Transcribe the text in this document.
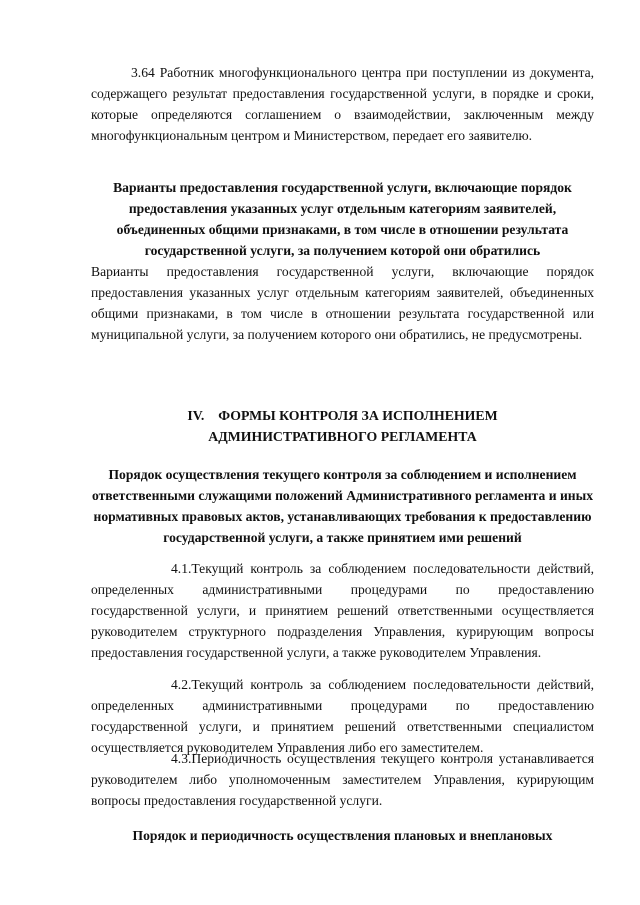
3.64 Работник многофункционального центра при поступлении из документа, содержащего результат предоставления государственной услуги, в порядке и сроки, которые определяются соглашением о взаимодействии, заключенным между многофункциональным центром и Министерством, передает его заявителю.

Варианты предоставления государственной услуги, включающие порядок предоставления указанных услуг отдельным категориям заявителей, объединенных общими признаками, в том числе в отношении результата государственной услуги, за получением которой они обратились

Варианты предоставления государственной услуги, включающие порядок предоставления указанных услуг отдельным категориям заявителей, объединенных общими признаками, в том числе в отношении результата государственной или муниципальной услуги, за получением которого они обратились, не предусмотрены.

IV. ФОРМЫ КОНТРОЛЯ ЗА ИСПОЛНЕНИЕМ
АДМИНИСТРАТИВНОГО РЕГЛАМЕНТА

Порядок осуществления текущего контроля за соблюдением и исполнением ответственными служащими положений Административного регламента и иных нормативных правовых актов, устанавливающих требования к предоставлению государственной услуги, а также принятием ими решений

4.1.Текущий контроль за соблюдением последовательности действий, определенных административными процедурами по предоставлению государственной услуги, и принятием решений ответственными осуществляется руководителем структурного подразделения Управления, курирующим вопросы предоставления государственной услуги, а также руководителем Управления.

4.2.Текущий контроль за соблюдением последовательности действий, определенных административными процедурами по предоставлению государственной услуги, и принятием решений ответственными специалистом осуществляется руководителем Управления либо его заместителем.

4.3.Периодичность осуществления текущего контроля устанавливается руководителем либо уполномоченным заместителем Управления, курирующим вопросы предоставления государственной услуги.

Порядок и периодичность осуществления плановых и внеплановых
